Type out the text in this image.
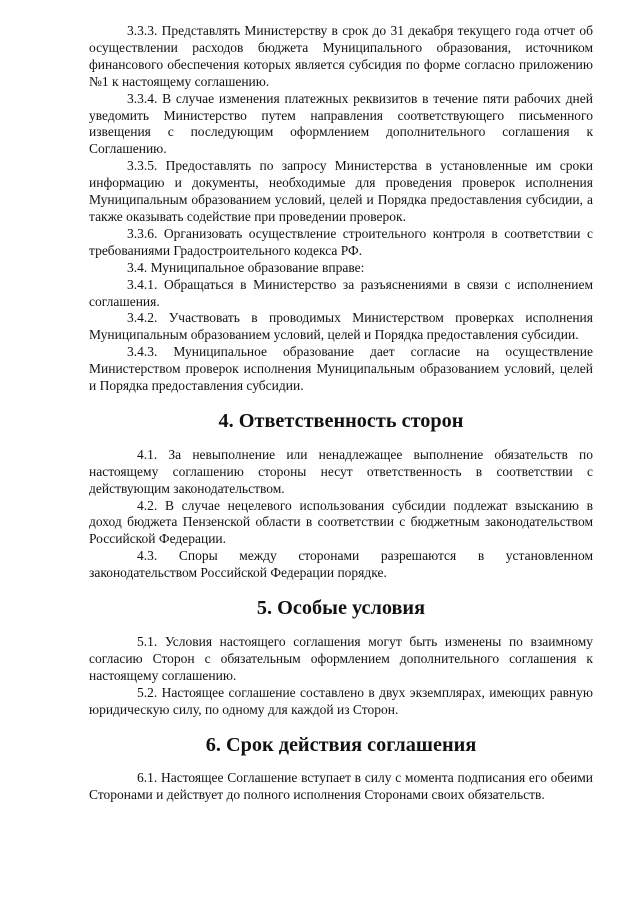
3.3.3. Представлять Министерству в срок до 31 декабря текущего года отчет об осуществлении расходов бюджета Муниципального образования, источником финансового обеспечения которых является субсидия по форме согласно приложению №1 к настоящему соглашению.

3.3.4. В случае изменения платежных реквизитов в течение пяти рабочих дней уведомить Министерство путем направления соответствующего письменного извещения с последующим оформлением дополнительного соглашения к Соглашению.

3.3.5. Предоставлять по запросу Министерства в установленные им сроки информацию и документы, необходимые для проведения проверок исполнения Муниципальным образованием условий, целей и Порядка предоставления субсидии, а также оказывать содействие при проведении проверок.

3.3.6. Организовать осуществление строительного контроля в соответствии с требованиями Градостроительного кодекса РФ.

3.4. Муниципальное образование вправе:

3.4.1. Обращаться в Министерство за разъяснениями в связи с исполнением соглашения.

3.4.2. Участвовать в проводимых Министерством проверках исполнения Муниципальным образованием условий, целей и Порядка предоставления субсидии.

3.4.3. Муниципальное образование дает согласие на осуществление Министерством проверок исполнения Муниципальным образованием условий, целей и Порядка предоставления субсидии.

4. Ответственность сторон

4.1. За невыполнение или ненадлежащее выполнение обязательств по настоящему соглашению стороны несут ответственность в соответствии с действующим законодательством.

4.2. В случае нецелевого использования субсидии подлежат взысканию в доход бюджета Пензенской области в соответствии с бюджетным законодательством Российской Федерации.

4.3. Споры между сторонами разрешаются в установленном законодательством Российской Федерации порядке.

5. Особые условия

5.1. Условия настоящего соглашения могут быть изменены по взаимному согласию Сторон с обязательным оформлением дополнительного соглашения к настоящему соглашению.

5.2. Настоящее соглашение составлено в двух экземплярах, имеющих равную юридическую силу, по одному для каждой из Сторон.

6. Срок действия соглашения

6.1. Настоящее Соглашение вступает в силу с момента подписания его обеими Сторонами и действует до полного исполнения Сторонами своих обязательств.
